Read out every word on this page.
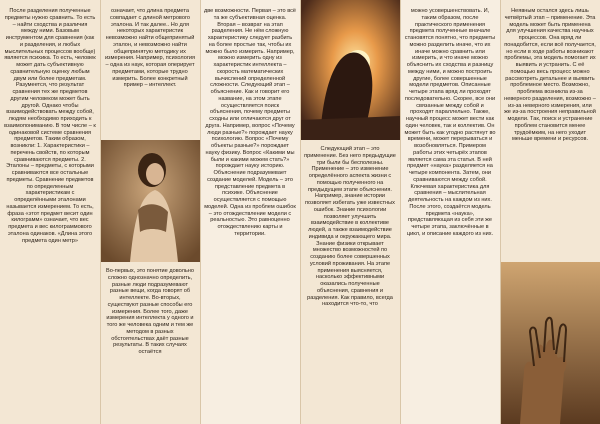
После разделения полученные предметы нужно сравнить. То есть – найти сходства и различия между ними. Базовым инструментом для сравнения (как и разделения, и любых мыслительных процессов вообще) является психика. То есть, человек может дать субъективную сравнительную оценку любым двум или более предметам. Разумеется, что результат сравнения тех же предметов другим человеком может быть другой. Однако чтобы взаимодействовать между собой, людям необходимо приходить к взаимопониманию. В том числе – к одинаковой системе сравнения предметов. Таким образом, возникли: 1. Характеристики – перечень свойств, по которым сравниваются предметы. 2. Эталоны – предметы, с которыми сравниваются все остальные предметы. Сравнение предметов по определенным характеристикам с определёнными эталонами называется измерением. То есть, фраза «этот предмет весит один килограмм» означает, что вес предмета и вес килограммового эталона одинаков. «Длина этого предмета один метр»

означает, что длина предмета совпадает с длиной метрового эталона. И так далее.. Но для некоторых характеристик невозможно найти общепринятый эталон, и невозможно найти общепринятую методику их измерения. Например, психология – одна из наук, которая оперирует предметами, которые трудно измерить. Более конкретный пример – интеллект.

Во-первых, это понятие довольно сложно однозначно определить, разные люди подразумевают разные вещи, когда говорят об интеллекте. Во-вторых, существуют разные способы его измерения. Более того, даже измерения интеллекта у одного и того же человека одним и тем же методом в разных обстоятельствах даёт разные результаты. В таких случаях остаётся

две возможности. Первая – это всё та же субъективная оценка. Вторая – возврат на этап разделения. Не нём сложную характеристику следует разбить на более простые так, чтобы их можно было измерить. Например, можно измерить одну из характеристик интеллекта – скорость математических вычислений определенной сложности. Следующий этап – объяснение. Как и говорит его название, на этом этапе осуществляется поиск объяснения, почему предметы сходны или отличаются друг от друга. Например, вопрос «Почему люди разные?» порождает науку психологию. Вопрос «Почему объекты разные?» порождает науку физику. Вопрос «Какими мы были и какими можем стать?» порождает науку историю. Объяснение подразумевает создание моделей. Модель – это представление предмета в психике. Объяснение осуществляется с помощью моделей. Одна из проблем ошибок – это отождествление модели с реальностью. Это равноценно отождествлению карты и территории.

Следующий этап – это применение. Без него предыдущие три были бы бесполезны. Применение – это изменение определённого аспекта жизни с помощью полученного на предыдущем этапе объяснения. Например, знание истории позволяет избегать уже известных ошибок. Знание психологии позволяет улучшить взаимодействие в коллективе людей, а также взаимодействие индивида и окружающего мира. Знание физики открывает множество возможностей по созданию более совершенных условий проживания. На этапе применения выясняется, насколько эффективными оказались полученные объяснения, сравнения и разделения. Как правило, всегда находится что-то, что

можно усовершенствовать. И, таким образом, после практического применения предмета полученные вначале становятся понятно, что предметы можно разделить иначе, что их иначе можно сравнить или измерить, и что иначе можно объяснить их сходства и разницу между ними, и можно построить другие, более совершенные модели предметов. Описанные четыре этапа вряд ли проходят последовательно. Скорее, все они связанные между собой и проходят параллельно. Также, научный процесс может вести как один человек, так и коллектив. Он может быть как угодно растянут во времени, может перерываться и возобновляться. Примером работы этих четырёх этапов является сама эта статья. В ней предмет «наука» разделяется на четыре компонента. Затем, они сравниваются между собой. Ключевая характеристика для сравнения – мыслительная деятельность на каждом из них. После этого, создаётся модель предмета «наука», представляющая из себя эти же четыре этапа, заключённые в цикл, и описание каждого из них.

Неявным остался здесь лишь четвёртый этап – применение. Эта модель может быть применена для улучшения качества научных процессов. Она вряд ли понадобится, если всё получается, но если в ходе работы возникают проблемы, эта модель помогает их выявить и устранить. С её помощью весь процесс можно рассмотреть детальнее и выявить проблемное место. Возможно, проблема возникла из-за неверного разделения, возможно – из-за неверного измерения, или же из-за построения неправильной модели. Так, поиск и устранение проблем становится менее трудоёмким, на него уходит меньше времени и ресурсов.
